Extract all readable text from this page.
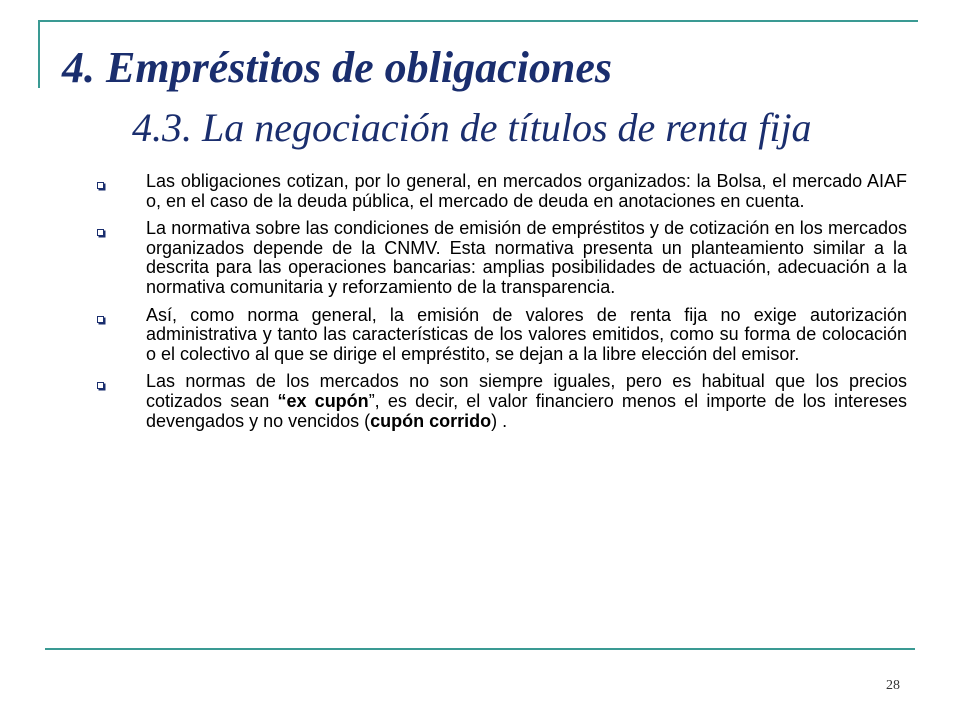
4. Empréstitos de obligaciones
4.3. La negociación de títulos de renta fija
Las obligaciones cotizan, por lo general, en mercados organizados: la Bolsa, el mercado AIAF o, en el caso de la deuda pública, el mercado de deuda en anotaciones en cuenta.
La normativa sobre las condiciones de emisión de empréstitos y de cotización en los mercados organizados depende de la CNMV. Esta normativa presenta un planteamiento similar a la descrita para las operaciones bancarias: amplias posibilidades de actuación, adecuación a la normativa comunitaria y reforzamiento de la transparencia.
Así, como norma general, la emisión de valores de renta fija no exige autorización administrativa y tanto las características de los valores emitidos, como su forma de colocación o el colectivo al que se dirige el empréstito, se dejan a la libre elección del emisor.
Las normas de los mercados no son siempre iguales, pero es habitual que los precios cotizados sean “ex cupón”, es decir, el valor financiero menos el importe de los intereses devengados y no vencidos (cupón corrido) .
28
